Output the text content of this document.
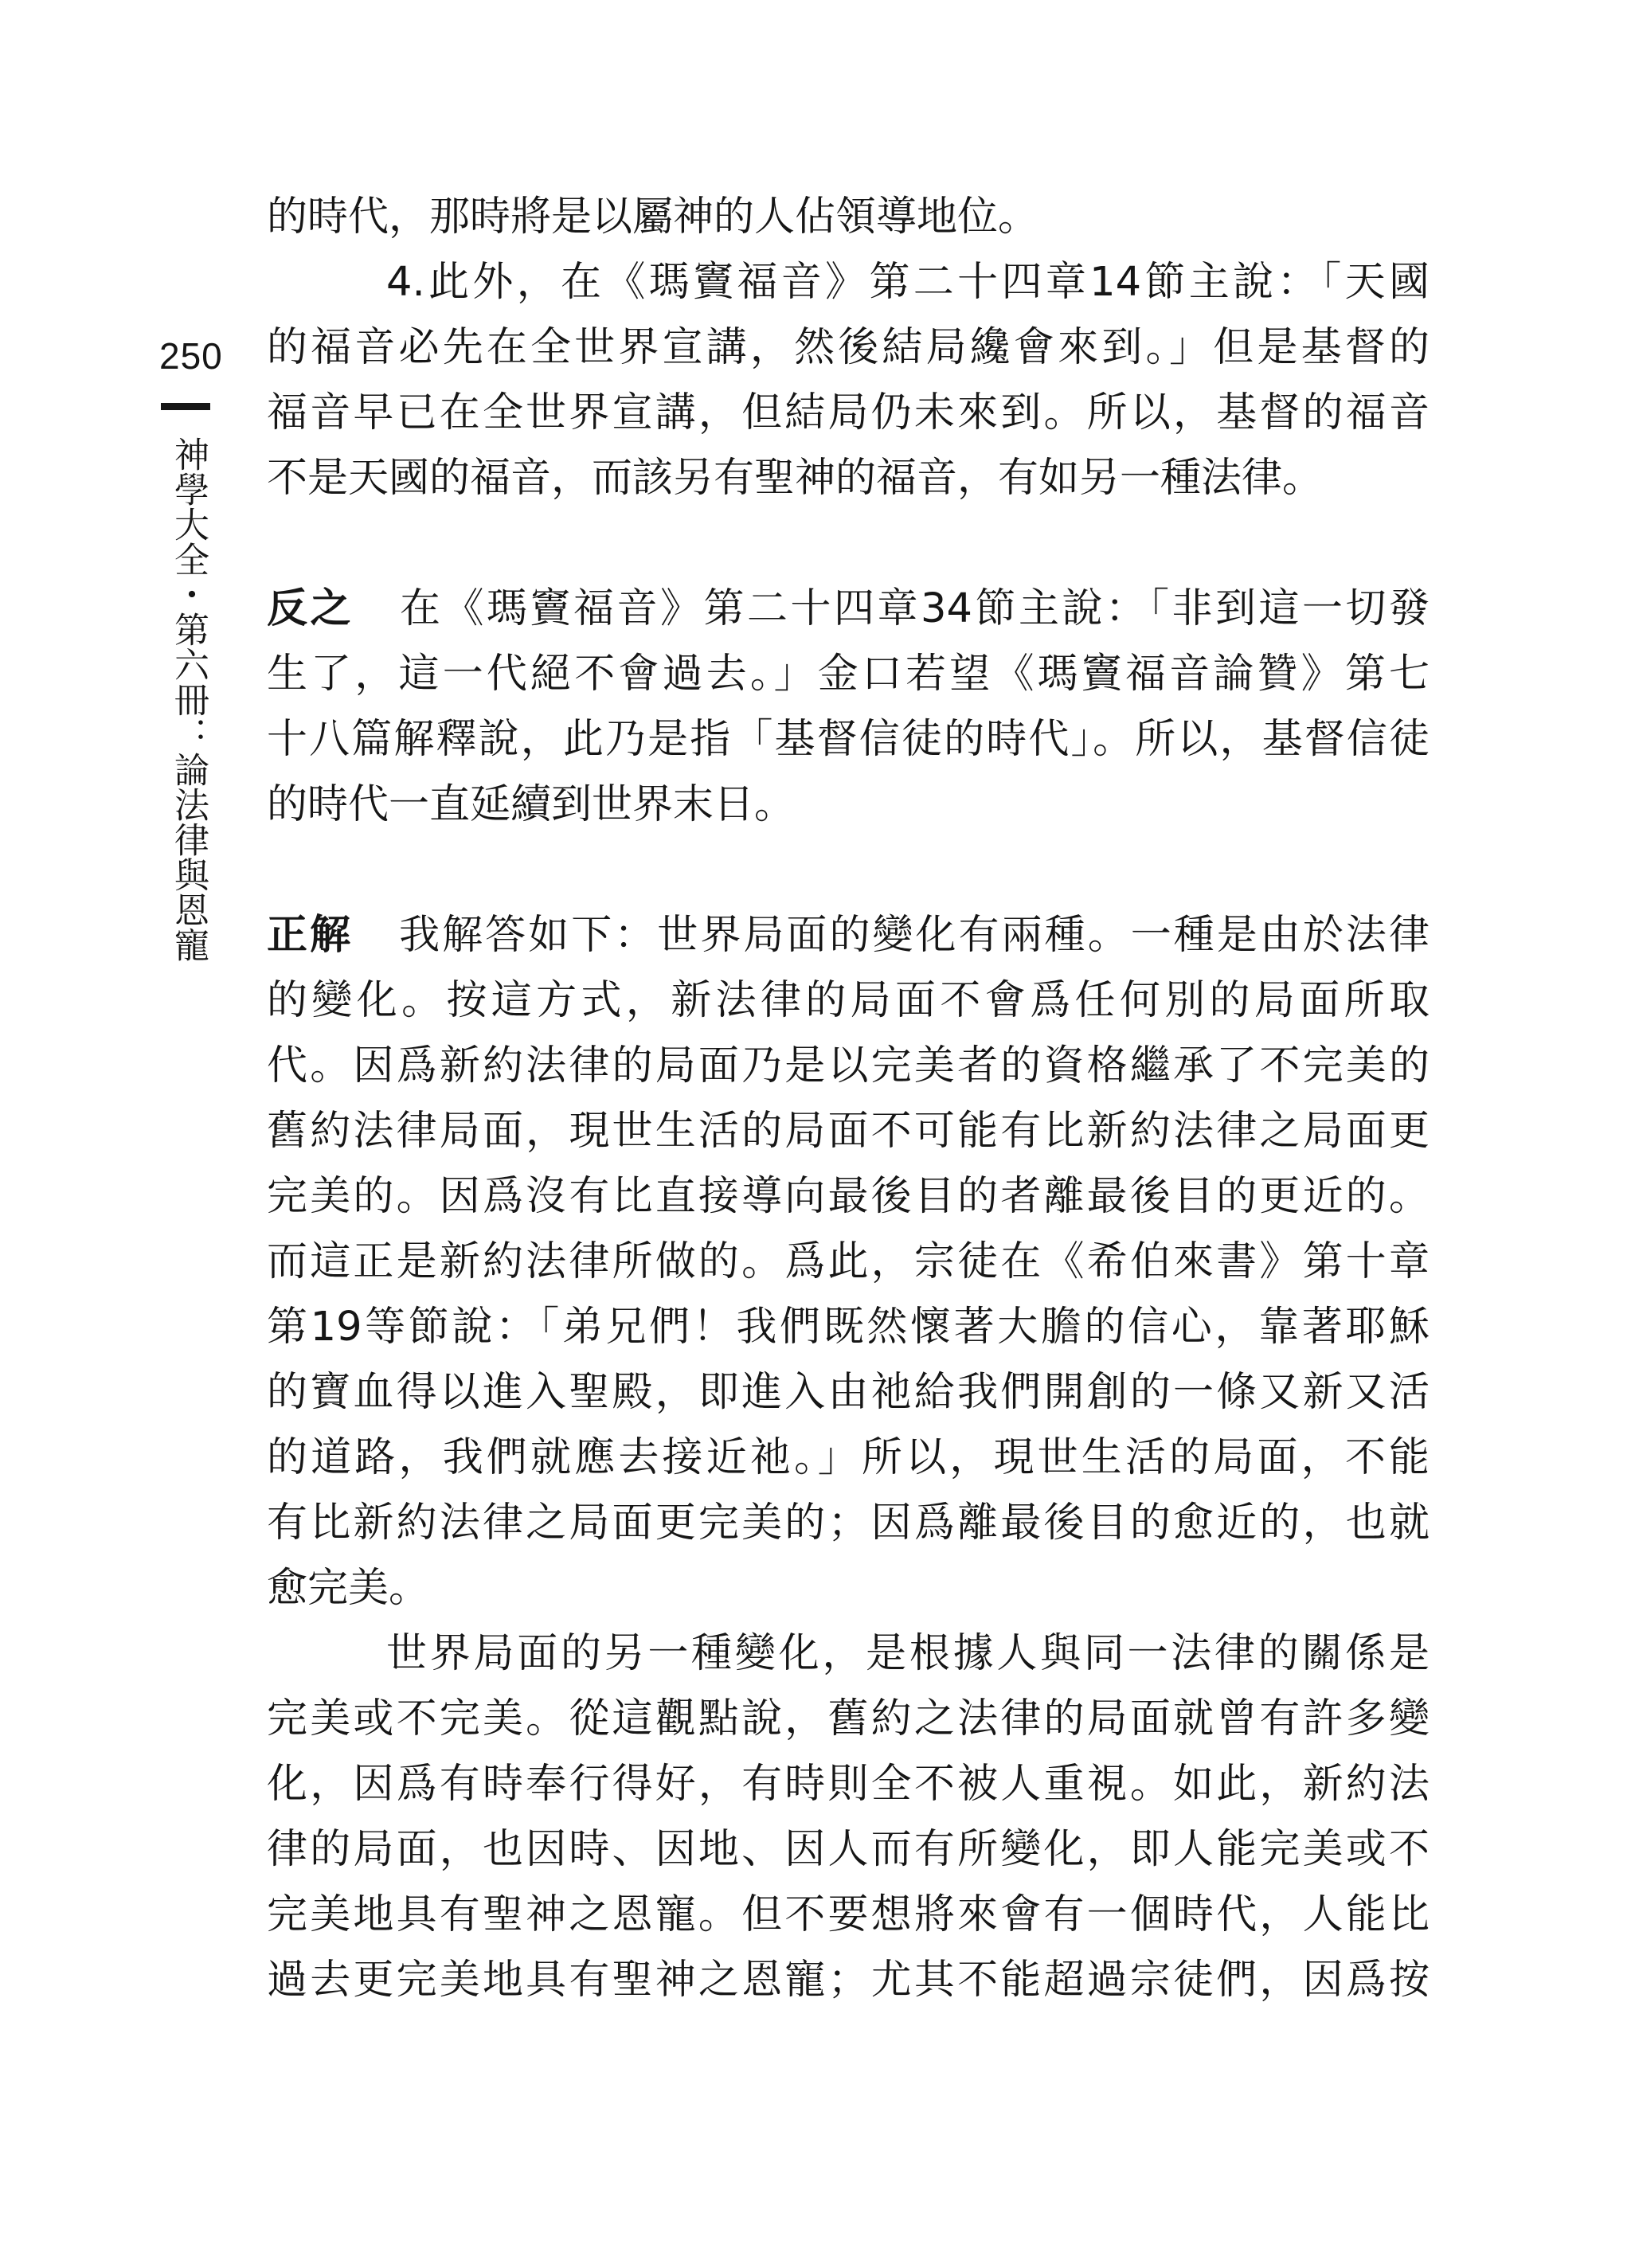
250
神學大全・第六冊：論法律與恩寵
的時代，那時將是以屬神的人佔領導地位。
4.此外，在《瑪竇福音》第二十四章14節主說：「天國
的福音必先在全世界宣講，然後結局纔會來到。」但是基督的
福音早已在全世界宣講，但結局仍未來到。所以，基督的福音
不是天國的福音，而該另有聖神的福音，有如另一種法律。
反之 在《瑪竇福音》第二十四章34節主說：「非到這一切發
生了，這一代絕不會過去。」金口若望《瑪竇福音論贊》第七
十八篇解釋說，此乃是指「基督信徒的時代」。所以，基督信徒
的時代一直延續到世界末日。
正解 我解答如下：世界局面的變化有兩種。一種是由於法律
的變化。按這方式，新法律的局面不會爲任何別的局面所取
代。因爲新約法律的局面乃是以完美者的資格繼承了不完美的
舊約法律局面，現世生活的局面不可能有比新約法律之局面更
完美的。因爲沒有比直接導向最後目的者離最後目的更近的。
而這正是新約法律所做的。爲此，宗徒在《希伯來書》第十章
第19等節說：「弟兄們！我們既然懷著大膽的信心，靠著耶穌
的寶血得以進入聖殿，即進入由祂給我們開創的一條又新又活
的道路，我們就應去接近祂。」所以，現世生活的局面，不能
有比新約法律之局面更完美的；因爲離最後目的愈近的，也就
愈完美。
世界局面的另一種變化，是根據人與同一法律的關係是
完美或不完美。從這觀點說，舊約之法律的局面就曾有許多變
化，因爲有時奉行得好，有時則全不被人重視。如此，新約法
律的局面，也因時、因地、因人而有所變化，即人能完美或不
完美地具有聖神之恩寵。但不要想將來會有一個時代，人能比
過去更完美地具有聖神之恩寵；尤其不能超過宗徒們，因爲按
